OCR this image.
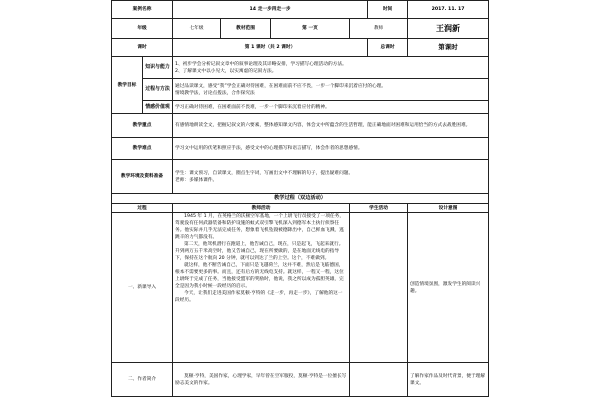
案例名称		14 走一步再走一步				时间	2017. 11. 17
年级		七年级	教材范围	第 一页	教师		王润新
课时		第 1 课时（共 2 课时）				总课时	第课时
教学目标	知识与能力	1、初步学会分析记叙文章中的叙事论理及其详略安排，学习描写心理活动的方法。
2、了解课文中以小见大，以实寓虚的记叙方法。					
	过程与方法	通过品读课文，感受“我”学会正确对待困难，在困难面前不应不畏，一步一个脚印来沉着应付的心理。
情境教学法，讨论点拨法，合作探究法					
	情感价值观	学习正确对待困难，在困难面前不畏难，一步一个脚印来沉着应付的精神。					
教学重点		有感情地朗读全文，把握记叙文的六要素，整体感知课文内容，体会文中所蕴含的生活哲理，能正确地面对困难和运用恰当的方式去战胜困难。					
教学难点		学习文中运用的伏笔和照应手法，感受文中的心理描写和语言描写，体会作者的思想感情。					
教学环境及资料准备		学生：课文预习，自读课文，圈点生字词，写画出文中不理解的句子，提出疑难问题。
老师：多媒体课件。					
教学过程（双边活动）							
过程		教师活动			学生活动		设计意图
一、新课导入		1945 年 1 月，在英格兰的沃顿空军基地，一个上尉飞行员接受了一项任务，驾驶没有任何武器装备和防护设施的蚊式双引擎飞机深入到德军本土执行侦察任务。他实际并几乎无法完成任务，想象着飞机坠毁被德降出中，自己鲜血飞溅，逃跳辛的力气都没有。

第二天，他驾机潜行在跑道上，他告诫自己，现在，只是起飞，飞起来就行。升到两万五千米高空时，他又告诫自己，现在所要做的，是在地面无线电的指导下，保持在这个航向 20 分钟，就可以到达了兰的上空。这个，不难做到。

就这样，他不断告诫自己，下面只是飞越荷兰，这并不难，然后是飞临德国，根本不需要更多的事。而且，还有后方的无线电支持。就这样，一程又一程，这位上尉终于完成了任务，当他接受盟军的奖励时，他说，我之所以成为孤胆英雄，完全是因为我小时候一段经历的启示。

今天，让我们走进美国作家莫顿·亨特的《走一步，再走一步》，了解他的这一段经历。					创造情境氛围，激发学生的阅读兴趣。
二、作者简介		莫顿·亨特，美国作家，心理学家，早年曾在空军服役，莫顿·亨特是一位擅长写励志美文的作家。					了解作家作品及时代背景，便于理解课文。
